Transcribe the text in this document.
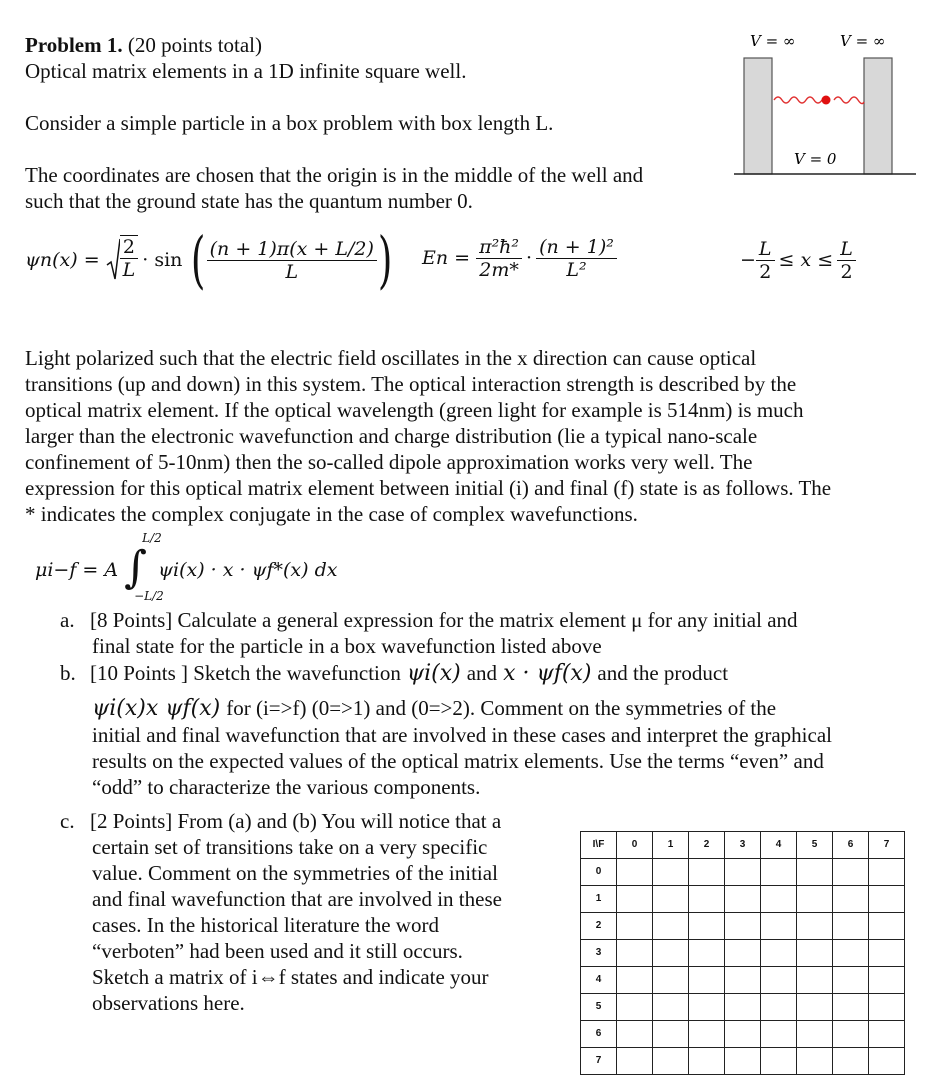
Problem 1. (20 points total)
Optical matrix elements in a 1D infinite square well.
Consider a simple particle in a box problem with box length L.
The coordinates are chosen that the origin is in the middle of the well and
such that the ground state has the quantum number 0.
V = ∞	V = ∞
V = 0
$\psi n(x) = \frac{2}{L} \cdot \sin$ ( $\frac{(n + 1)\pi(x + L/2)}{L}$ ) $En = \frac{\text{π²ħ²}}{2m*} \cdot \frac{\text{(n + 1)²}}{\text{L²}}$	− $\frac{L}{2} \le x \le \frac{L}{2}$
Light polarized such that the electric field oscillates in the x direction can cause optical
transitions (up and down) in this system. The optical interaction strength is described by the
optical matrix element. If the optical wavelength (green light for example is 514nm) is much
larger than the electronic wavefunction and charge distribution (lie a typical nano-scale
confinement of 5-10nm) then the so-called dipole approximation works very well. The
expression for this optical matrix element between initial (i) and final (f) state is as follows. The
* indicates the complex conjugate in the case of complex wavefunctions.
μi−f = A ∫
L/2
−L/2
ψi(x) · x · ψf*(x) dx
a. [8 Points] Calculate a general expression for the matrix element μ for any initial and
final state for the particle in a box wavefunction listed above
b. [10 Points ] Sketch the wavefunction ψi(x) and x · ψf(x) and the product
ψi(x)x ψf(x) for (i=>f) (0=>1) and (0=>2). Comment on the symmetries of the
initial and final wavefunction that are involved in these cases and interpret the graphical
results on the expected values of the optical matrix elements. Use the terms “even” and
“odd” to characterize the various components.
c. [2 Points] From (a) and (b) You will notice that a
certain set of transitions take on a very specific
value. Comment on the symmetries of the initial
and final wavefunction that are involved in these
cases. In the historical literature the word
“verboten” had been used and it still occurs.
Sketch a matrix of i⇔f states and indicate your
observations here.
I\F	0	1	2	3	4	5	6	7
0								
1								
2								
3								
4								
5								
6								
7								
